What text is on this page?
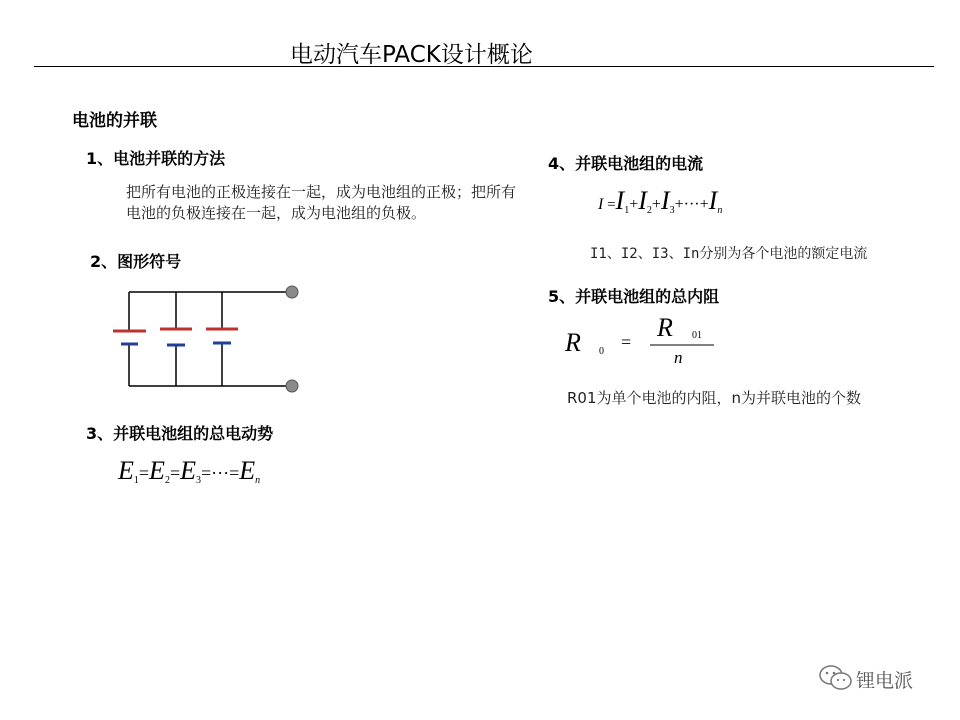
电动汽车PACK设计概论
电池的并联
1、电池并联的方法
把所有电池的正极连接在一起，成为电池组的正极；把所有电池的负极连接在一起，成为电池组的负极。
2、图形符号
3、并联电池组的总电动势
$E_1=E_2=E_3=\cdot\cdot\cdot=E_n$
4、并联电池组的电流
$I =I_1+I_2+I_3+\cdot\cdot\cdot+I_n$
I1、I2、I3、In分别为各个电池的额定电流
5、并联电池组的总内阻
R 0 = R 01
n
R01为单个电池的内阻，n为并联电池的个数
锂电派
